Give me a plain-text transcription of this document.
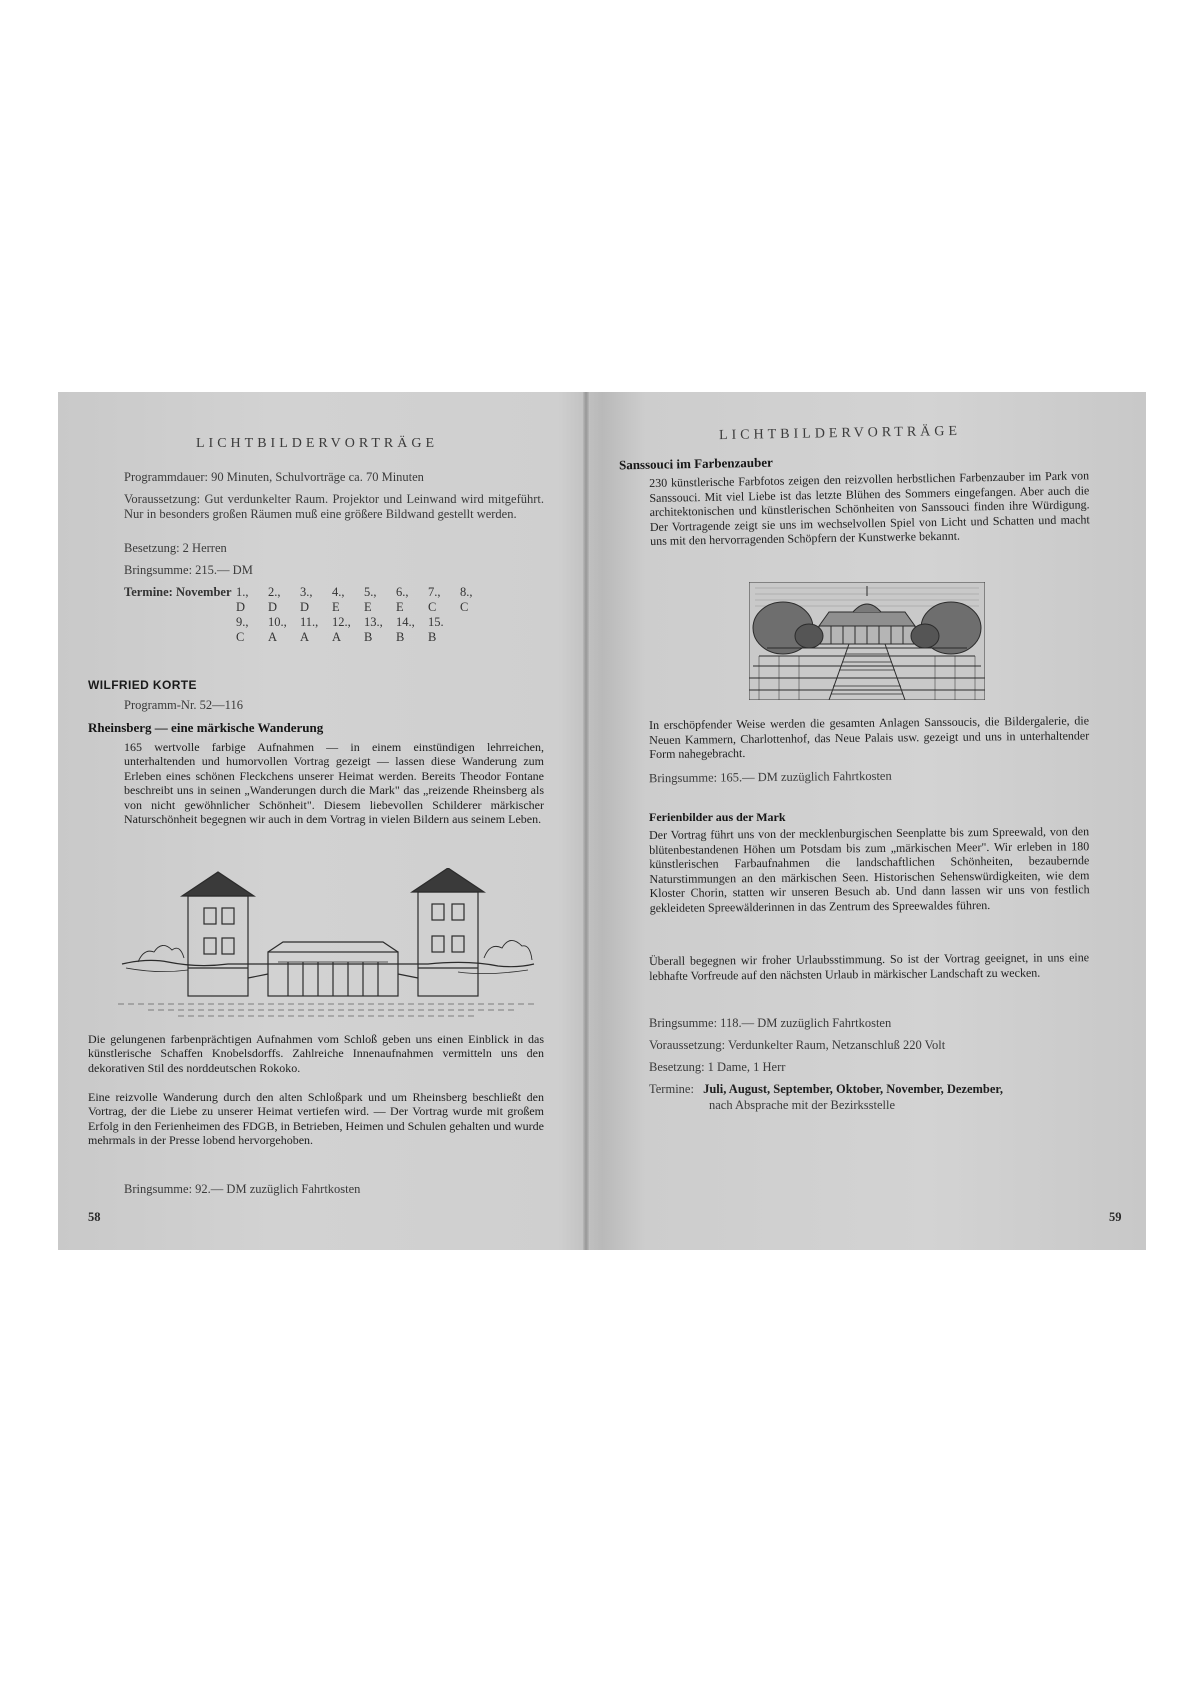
LICHTBILDERVORTRÄGE
Programmdauer: 90 Minuten, Schulvorträge ca. 70 Minuten
Voraussetzung: Gut verdunkelter Raum. Projektor und Leinwand wird mitgeführt. Nur in besonders großen Räumen muß eine größere Bildwand gestellt werden.
Besetzung: 2 Herren
Bringsumme: 215.— DM
Termine: November 1.,	2.,	3.,	4.,	5.,	6.,	7.,	8.,
D	D	D	E	E	E	C	C
9.,	10.,	11.,	12.,	13.,	14.,	15.
C	A	A	A	B	B	B
WILFRIED KORTE
Programm-Nr. 52—116
Rheinsberg — eine märkische Wanderung
165 wertvolle farbige Aufnahmen — in einem einstündigen lehrreichen, unterhaltenden und humorvollen Vortrag gezeigt — lassen diese Wanderung zum Erleben eines schönen Fleckchens unserer Heimat werden. Bereits Theodor Fontane beschreibt uns in seinen „Wanderungen durch die Mark" das „reizende Rheinsberg als von nicht gewöhnlicher Schönheit". Diesem liebevollen Schilderer märkischer Naturschönheit begegnen wir auch in dem Vortrag in vielen Bildern aus seinem Leben.
Die gelungenen farbenprächtigen Aufnahmen vom Schloß geben uns einen Einblick in das künstlerische Schaffen Knobelsdorffs. Zahlreiche Innenaufnahmen vermitteln uns den dekorativen Stil des norddeutschen Rokoko.
Eine reizvolle Wanderung durch den alten Schloßpark und um Rheinsberg beschließt den Vortrag, der die Liebe zu unserer Heimat vertiefen wird. — Der Vortrag wurde mit großem Erfolg in den Ferienheimen des FDGB, in Betrieben, Heimen und Schulen gehalten und wurde mehrmals in der Presse lobend hervorgehoben.
Bringsumme: 92.— DM zuzüglich Fahrtkosten
58
LICHTBILDERVORTRÄGE
Sanssouci im Farbenzauber
230 künstlerische Farbfotos zeigen den reizvollen herbstlichen Farbenzauber im Park von Sanssouci. Mit viel Liebe ist das letzte Blühen des Sommers eingefangen. Aber auch die architektonischen und künstlerischen Schönheiten von Sanssouci finden ihre Würdigung. Der Vortragende zeigt sie uns im wechselvollen Spiel von Licht und Schatten und macht uns mit den hervorragenden Schöpfern der Kunstwerke bekannt.
In erschöpfender Weise werden die gesamten Anlagen Sanssoucis, die Bildergalerie, die Neuen Kammern, Charlottenhof, das Neue Palais usw. gezeigt und uns in unterhaltender Form nahegebracht.
Bringsumme: 165.— DM zuzüglich Fahrtkosten
Ferienbilder aus der Mark
Der Vortrag führt uns von der mecklenburgischen Seenplatte bis zum Spreewald, von den blütenbestandenen Höhen um Potsdam bis zum „märkischen Meer". Wir erleben in 180 künstlerischen Farbaufnahmen die landschaftlichen Schönheiten, bezaubernde Naturstimmungen an den märkischen Seen. Historischen Sehenswürdigkeiten, wie dem Kloster Chorin, statten wir unseren Besuch ab. Und dann lassen wir uns von festlich gekleideten Spreewälderinnen in das Zentrum des Spreewaldes führen.
Überall begegnen wir froher Urlaubsstimmung. So ist der Vortrag geeignet, in uns eine lebhafte Vorfreude auf den nächsten Urlaub in märkischer Landschaft zu wecken.
Bringsumme: 118.— DM zuzüglich Fahrtkosten
Voraussetzung: Verdunkelter Raum, Netzanschluß 220 Volt
Besetzung: 1 Dame, 1 Herr
Termine: Juli, August, September, Oktober, November, Dezember,
nach Absprache mit der Bezirksstelle
59
